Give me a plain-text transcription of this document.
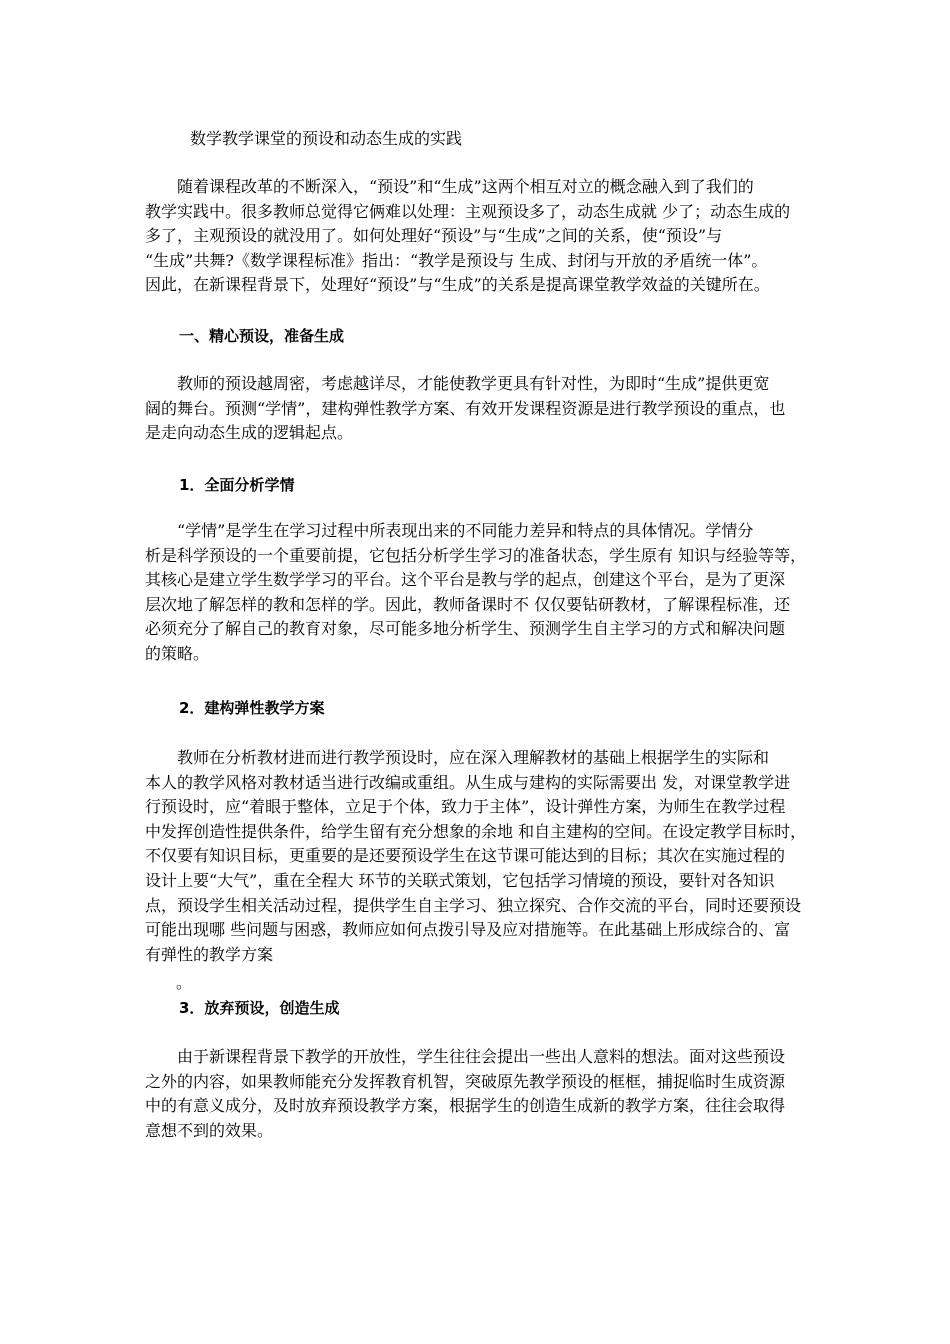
数学教学课堂的预设和动态生成的实践

　　随着课程改革的不断深入，“预设”和“生成”这两个相互对立的概念融入到了我们的
教学实践中。很多教师总觉得它俩难以处理：主观预设多了，动态生成就 少了；动态生成的
多了，主观预设的就没用了。如何处理好“预设”与“生成”之间的关系，使“预设”与
“生成”共舞?《数学课程标准》指出：“教学是预设与 生成、封闭与开放的矛盾统一体”。
因此，在新课程背景下，处理好“预设”与“生成”的关系是提高课堂教学效益的关键所在。

一、精心预设，准备生成

　　教师的预设越周密，考虑越详尽，才能使教学更具有针对性，为即时“生成”提供更宽
阔的舞台。预测“学情”，建构弹性教学方案、有效开发课程资源是进行教学预设的重点，也
是走向动态生成的逻辑起点。

1．全面分析学情

　　“学情”是学生在学习过程中所表现出来的不同能力差异和特点的具体情况。学情分
析是科学预设的一个重要前提，它包括分析学生学习的准备状态，学生原有 知识与经验等等，
其核心是建立学生数学学习的平台。这个平台是教与学的起点，创建这个平台，是为了更深
层次地了解怎样的教和怎样的学。因此，教师备课时不 仅仅要钻研教材，了解课程标准，还
必须充分了解自己的教育对象，尽可能多地分析学生、预测学生自主学习的方式和解决问题
的策略。

2．建构弹性教学方案

　　教师在分析教材进而进行教学预设时，应在深入理解教材的基础上根据学生的实际和
本人的教学风格对教材适当进行改编或重组。从生成与建构的实际需要出 发，对课堂教学进
行预设时，应“着眼于整体，立足于个体，致力于主体”，设计弹性方案，为师生在教学过程
中发挥创造性提供条件，给学生留有充分想象的余地 和自主建构的空间。在设定教学目标时，
不仅要有知识目标，更重要的是还要预设学生在这节课可能达到的目标；其次在实施过程的
设计上要“大气”，重在全程大 环节的关联式策划，它包括学习情境的预设，要针对各知识
点，预设学生相关活动过程，提供学生自主学习、独立探究、合作交流的平台，同时还要预设
可能出现哪 些问题与困惑，教师应如何点拨引导及应对措施等。在此基础上形成综合的、富
有弹性的教学方案

。
3．放弃预设，创造生成

　　由于新课程背景下教学的开放性，学生往往会提出一些出人意料的想法。面对这些预设
之外的内容，如果教师能充分发挥教育机智，突破原先教学预设的框框，捕捉临时生成资源
中的有意义成分，及时放弃预设教学方案，根据学生的创造生成新的教学方案，往往会取得
意想不到的效果。
